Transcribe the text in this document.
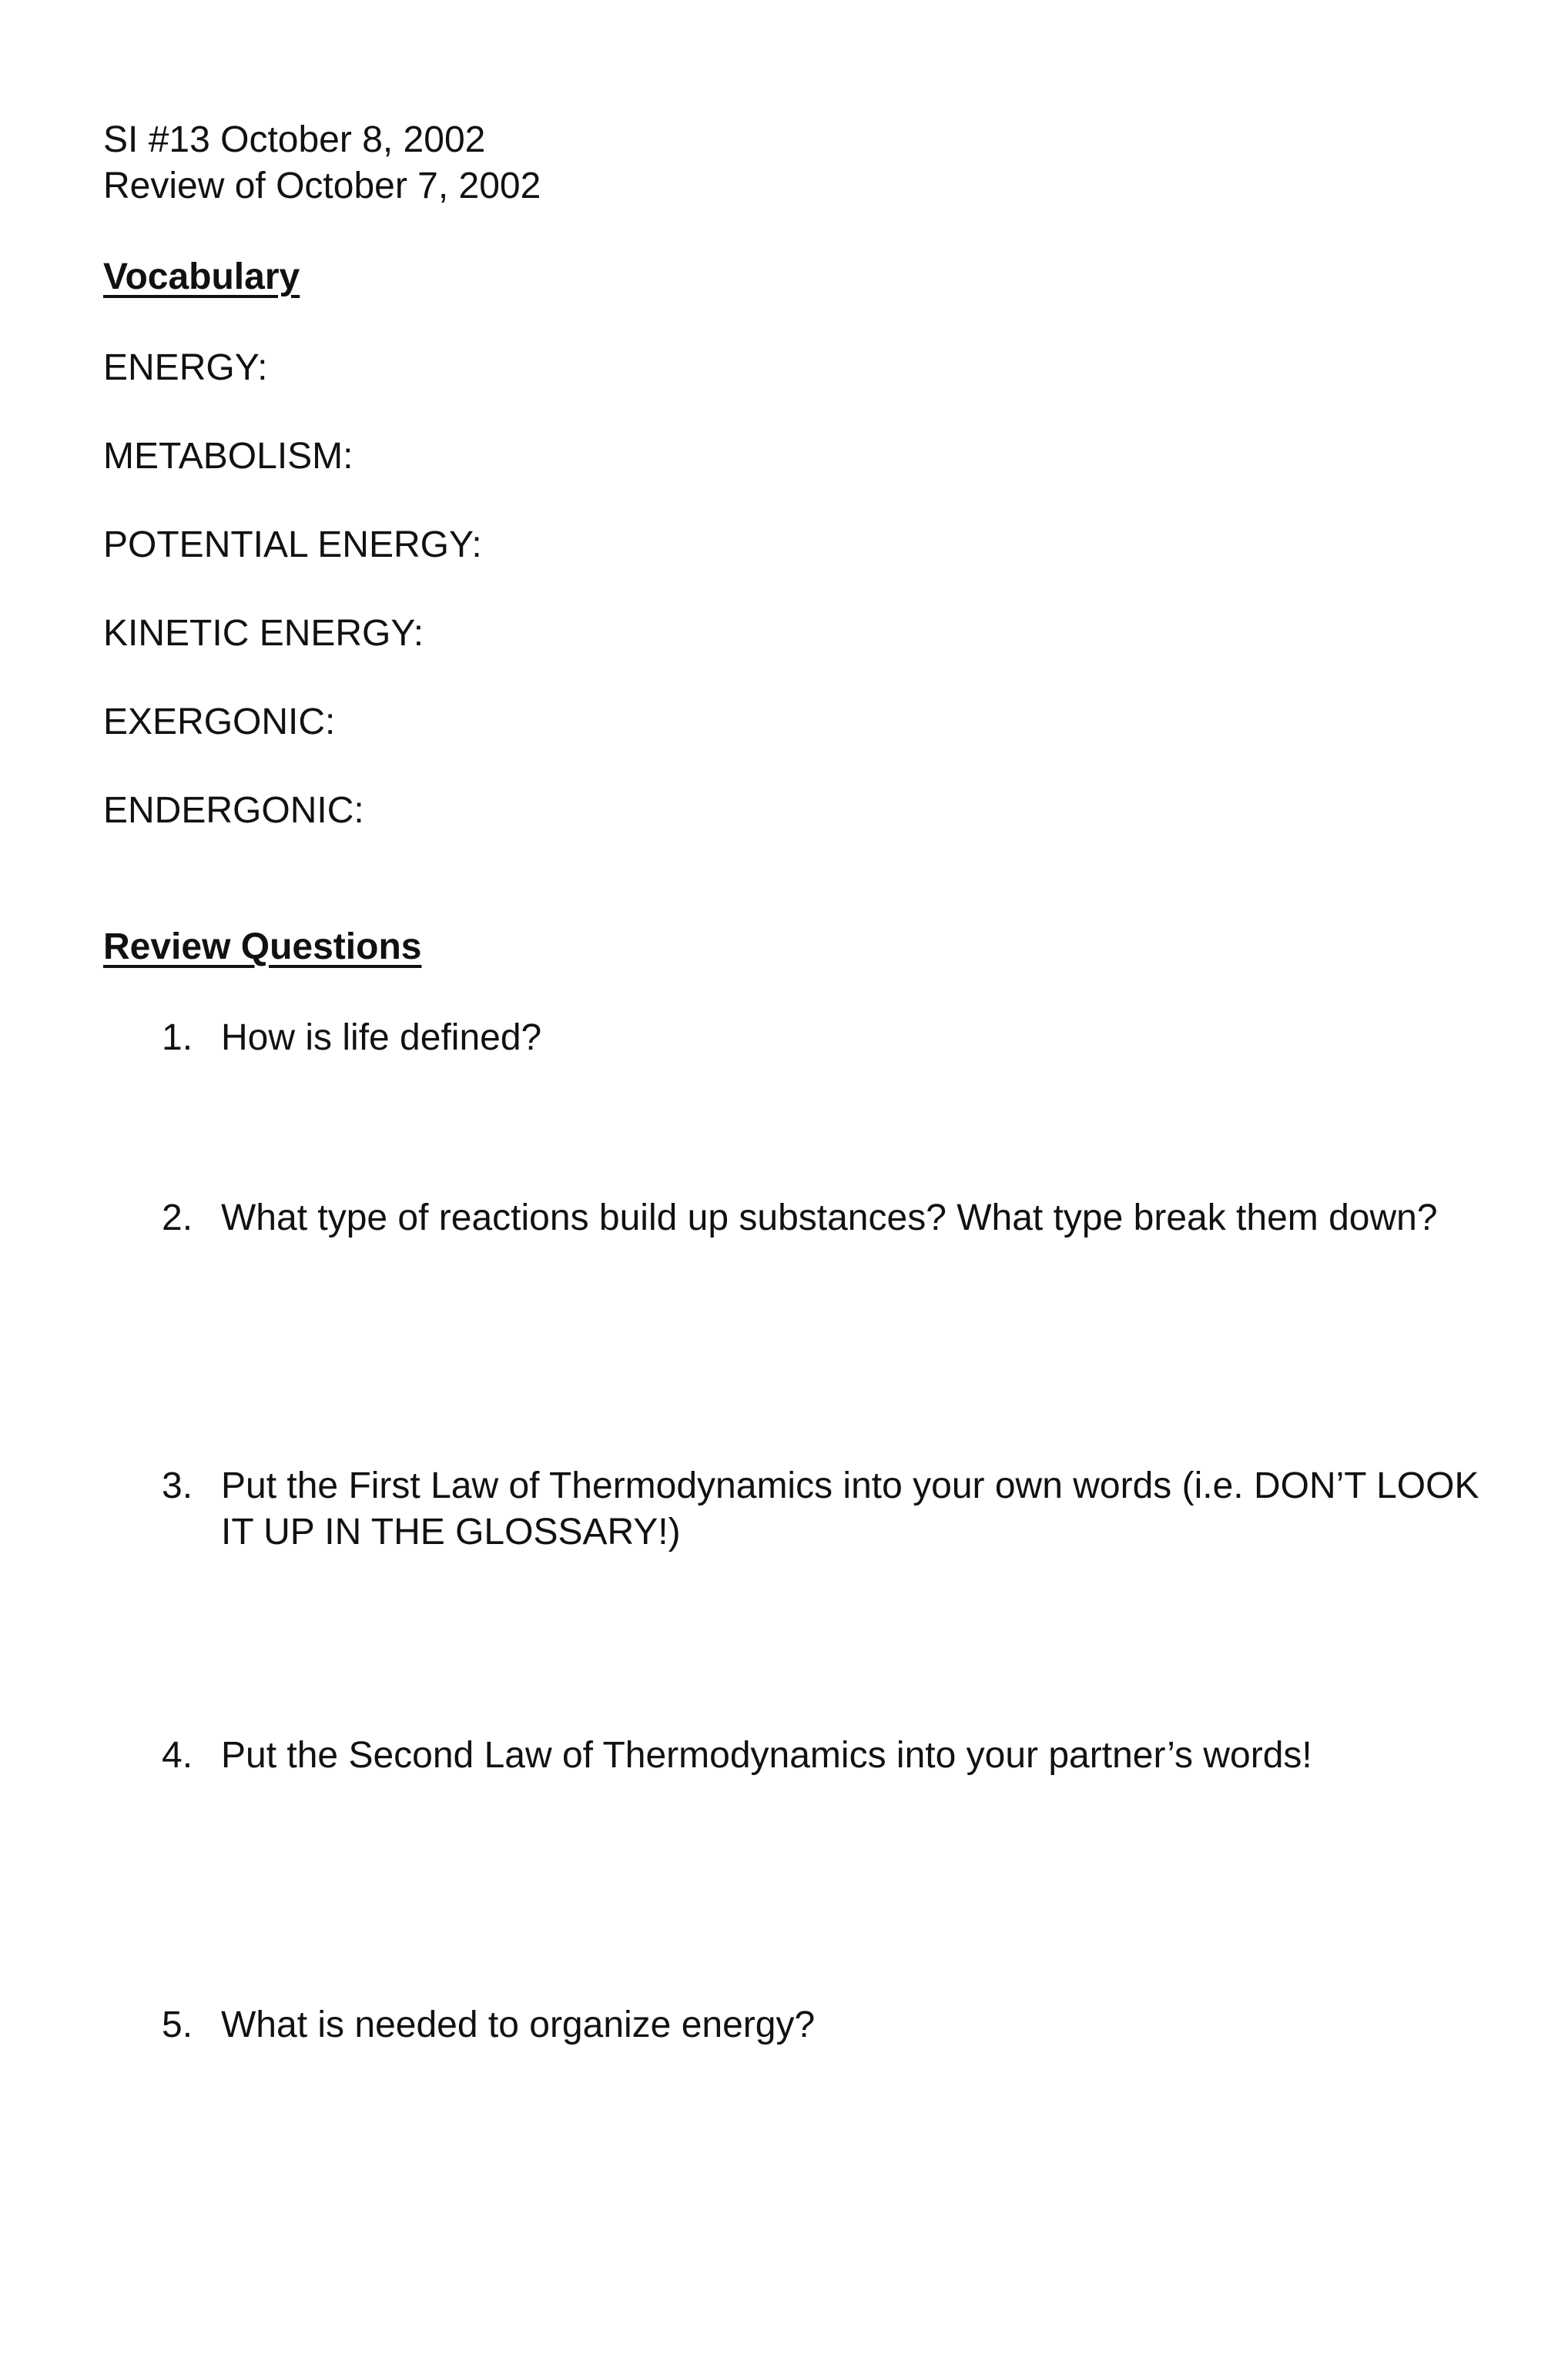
SI #13 October 8, 2002

Review of October 7, 2002

Vocabulary

ENERGY:

METABOLISM:

POTENTIAL ENERGY:

KINETIC ENERGY:

EXERGONIC:

ENDERGONIC:

Review Questions

1. How is life defined?
2. What type of reactions build up substances? What type break them down?
3. Put the First Law of Thermodynamics into your own words (i.e. DON’T LOOK IT UP IN THE GLOSSARY!)
4. Put the Second Law of Thermodynamics into your partner’s words!
5. What is needed to organize energy?
